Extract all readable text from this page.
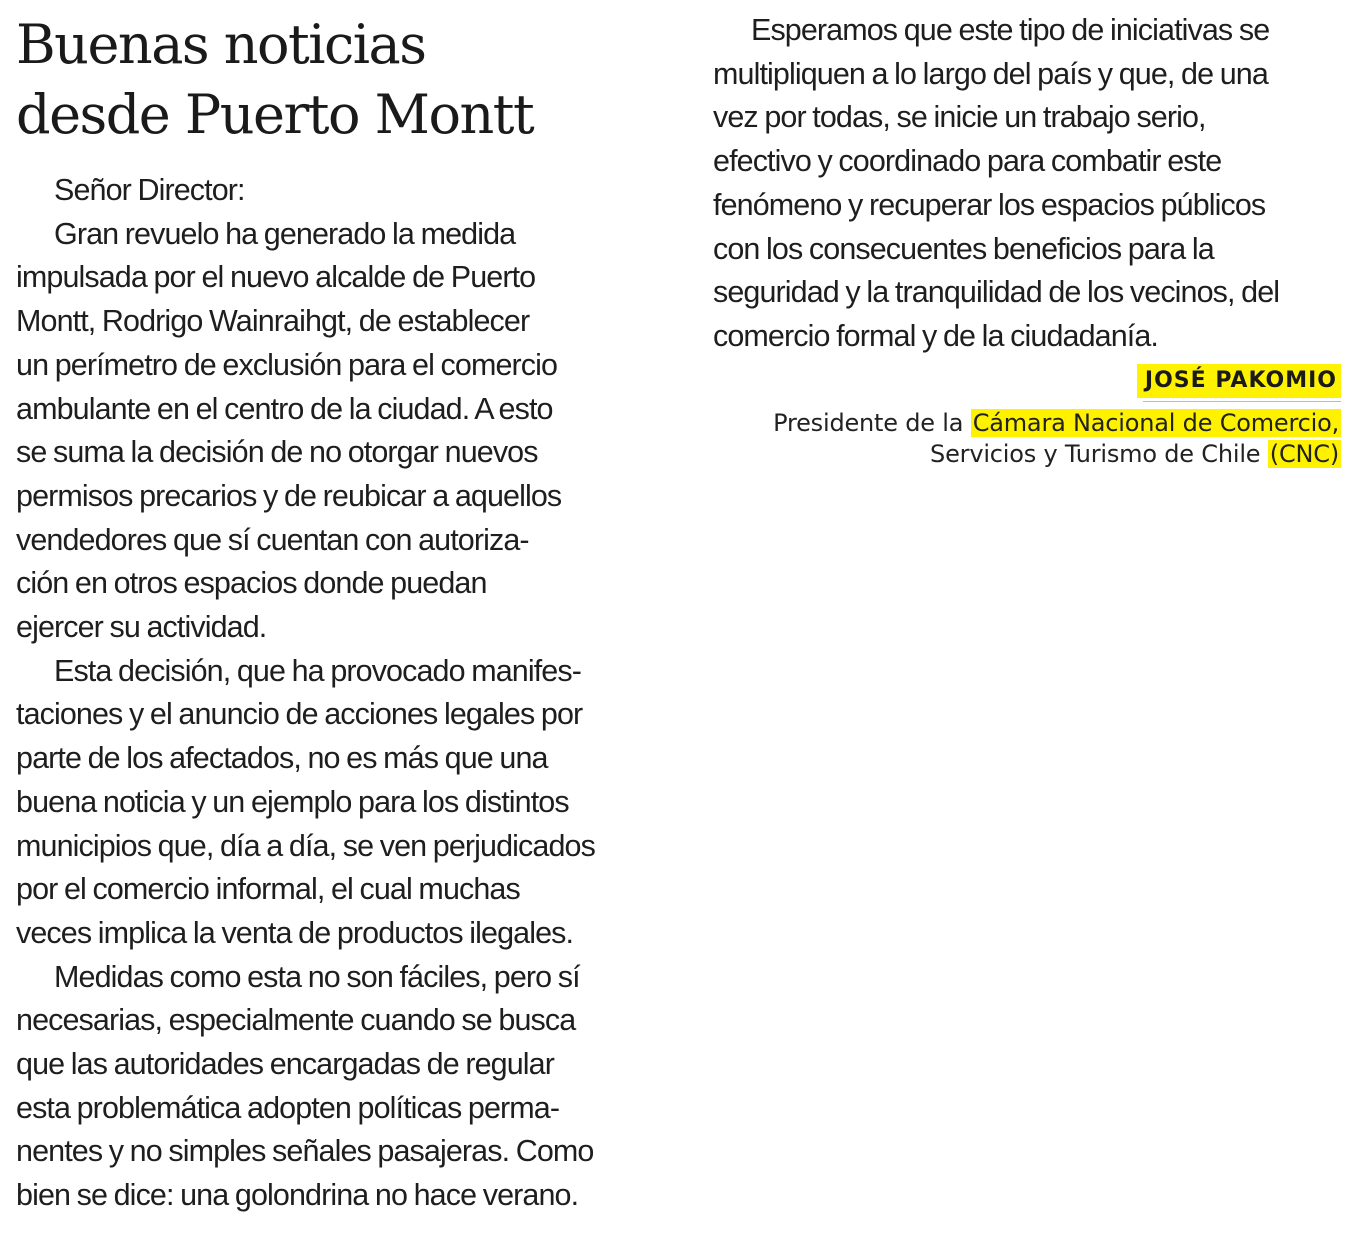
Buenas noticias
desde Puerto Montt
Señor Director:
Gran revuelo ha generado la medida
impulsada por el nuevo alcalde de Puerto
Montt, Rodrigo Wainraihgt, de establecer
un perímetro de exclusión para el comercio
ambulante en el centro de la ciudad. A esto
se suma la decisión de no otorgar nuevos
permisos precarios y de reubicar a aquellos
vendedores que sí cuentan con autoriza-
ción en otros espacios donde puedan
ejercer su actividad.
Esta decisión, que ha provocado manifes-
taciones y el anuncio de acciones legales por
parte de los afectados, no es más que una
buena noticia y un ejemplo para los distintos
municipios que, día a día, se ven perjudicados
por el comercio informal, el cual muchas
veces implica la venta de productos ilegales.
Medidas como esta no son fáciles, pero sí
necesarias, especialmente cuando se busca
que las autoridades encargadas de regular
esta problemática adopten políticas perma-
nentes y no simples señales pasajeras. Como
bien se dice: una golondrina no hace verano.
Esperamos que este tipo de iniciativas se
multipliquen a lo largo del país y que, de una
vez por todas, se inicie un trabajo serio,
efectivo y coordinado para combatir este
fenómeno y recuperar los espacios públicos
con los consecuentes beneficios para la
seguridad y la tranquilidad de los vecinos, del
comercio formal y de la ciudadanía.
JOSÉ PAKOMIO
Presidente de la Cámara Nacional de Comercio,
Servicios y Turismo de Chile (CNC)
